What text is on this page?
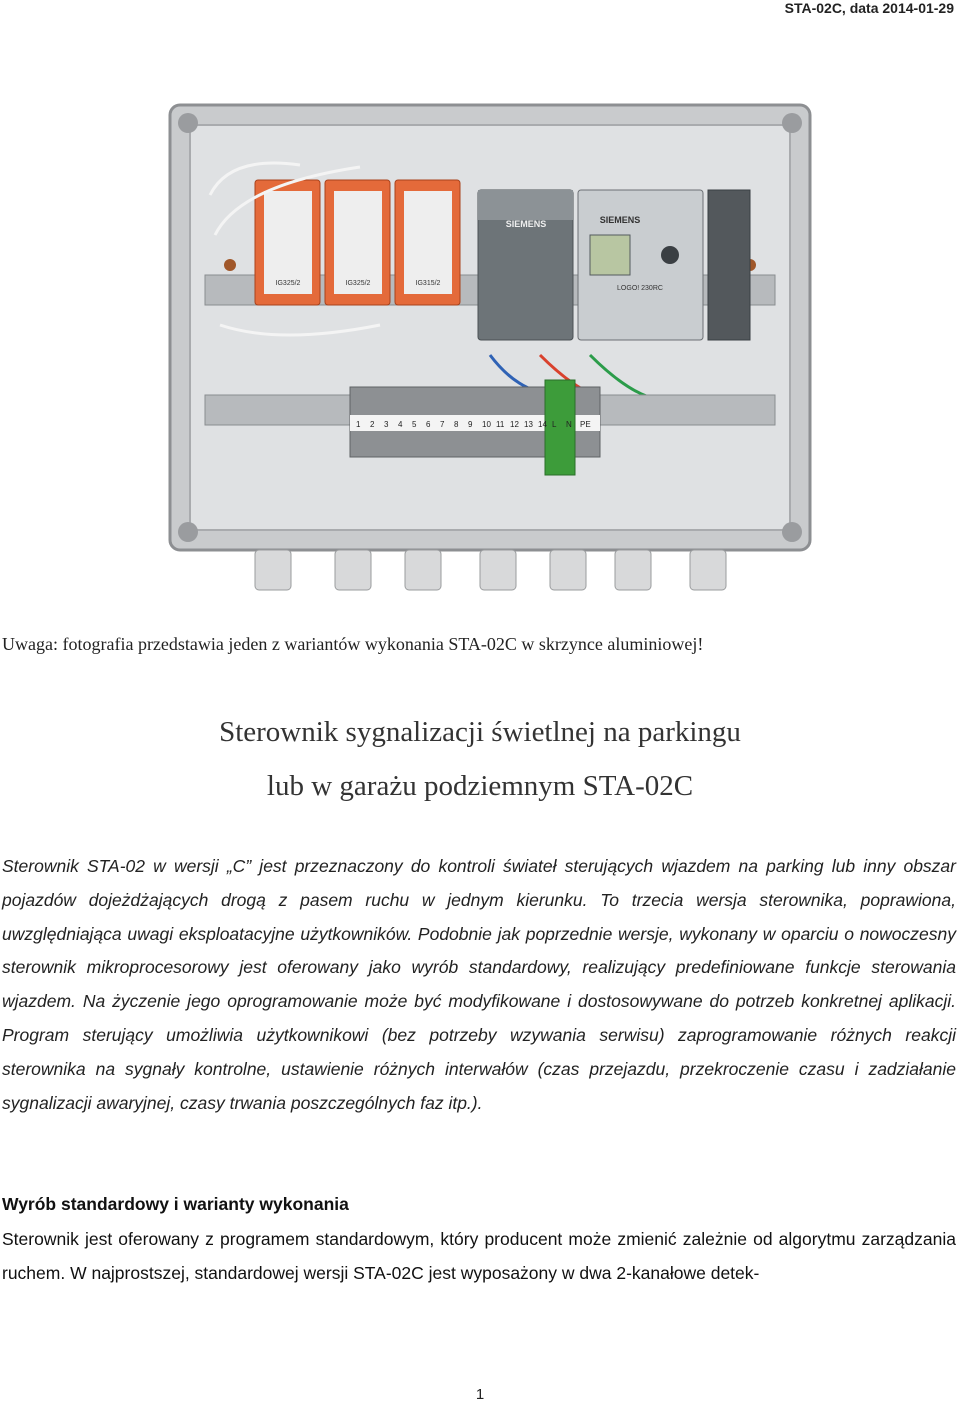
STA-02C, data 2014-01-29
IG325/2	IG325/2	IG315/2
SIEMENS	SIEMENS
LOGO! 230RC
1 2 3 4 5 6 7 8 9 10 11 12 13 14 L N PE
Uwaga: fotografia przedstawia jeden z wariantów wykonania STA-02C w skrzynce aluminiowej!
Sterownik sygnalizacji świetlnej na parkingu
lub w garażu podziemnym STA-02C

Sterownik STA-02 w wersji „C” jest przeznaczony do kontroli świateł sterujących wjazdem na parking lub inny obszar pojazdów dojeżdżających drogą z pasem ruchu w jednym kierunku. To trzecia wersja sterownika, poprawiona, uwzględniająca uwagi eksploatacyjne użytkowników. Podobnie jak poprzednie wersje, wykonany w oparciu o nowoczesny sterownik mikroprocesorowy jest oferowany jako wyrób standardowy, realizujący predefiniowane funkcje sterowania wjazdem. Na życzenie jego oprogramowanie może być modyfikowane i dostosowywane do potrzeb konkretnej aplikacji. Program sterujący umożliwia użytkownikowi (bez potrzeby wzywania serwisu) zaprogramowanie różnych reakcji sterownika na sygnały kontrolne, ustawienie różnych interwałów (czas przejazdu, przekroczenie czasu i zadziałanie sygnalizacji awaryjnej, czasy trwania poszczególnych faz itp.).

Wyrób standardowy i warianty wykonania
Sterownik jest oferowany z programem standardowym, który producent może zmienić zależnie od algorytmu zarządzania ruchem. W najprostszej, standardowej wersji STA-02C jest wyposażony w dwa 2-kanałowe detek-
1
